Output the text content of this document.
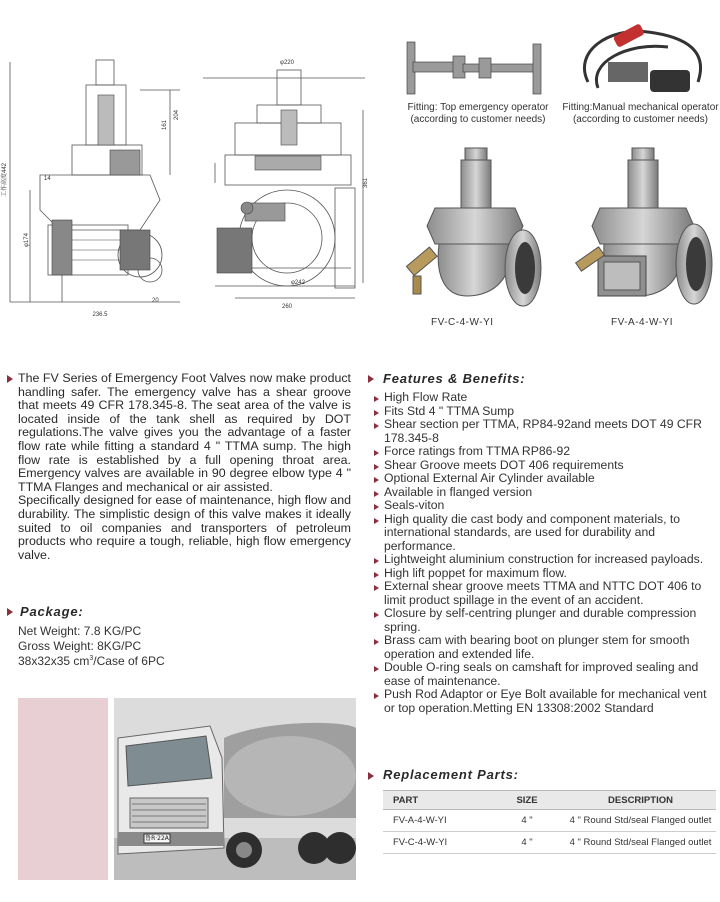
工作高度442	14
φ174
161
204
236.5
20
φ220
361
φ242
260
Fitting: Top emergency operator
(according to customer needs)
Fitting:Manual mechanical operator
(according to customer needs)
FV-C-4-W-YI	FV-A-4-W-YI

The FV Series of Emergency Foot Valves now make product handling safer. The emergency valve has a shear groove that meets 49 CFR 178.345-8. The seat area of the valve is located inside of the tank shell as required by DOT regulations.The valve gives you the advantage of a faster flow rate while fitting a standard 4 " TTMA sump. The high flow rate is established by a full opening throat area. Emergency valves are available in 90 degree elbow type 4 " TTMA Flanges and mechanical or air assisted.

Specifically designed for ease of maintenance, high flow and durability. The simplistic design of this valve makes it ideally suited to oil companies and transporters of petroleum products who require a tough, reliable, high flow emergency valve.

Package:
Net Weight: 7.8 KG/PC
Gross Weight: 8KG/PC
38x32x35 $cm^3$/Case of 6PC
鲁R·22A
Features & Benefits:
High Flow Rate
Fits Std 4 " TTMA Sump
Shear section per TTMA, RP84-92and meets DOT 49 CFR 178.345-8
Force ratings from TTMA RP86-92
Shear Groove meets DOT 406 requirements
Optional External Air Cylinder available
Available in flanged version
Seals-viton
High quality die cast body and component materials, to international standards, are used for durability and performance.
Lightweight aluminium construction for increased payloads.
High lift poppet for maximum flow.
External shear groove meets TTMA and NTTC DOT 406 to limit product spillage in the event of an accident.
Closure by self-centring plunger and durable compression spring.
Brass cam with bearing boot on plunger stem for smooth operation and extended life.
Double O-ring seals on camshaft for improved sealing and ease of maintenance.
Push Rod Adaptor or Eye Bolt available for mechanical vent or top operation.Metting EN 13308:2002 Standard
Replacement Parts:
PART	SIZE	DESCRIPTION
FV-A-4-W-YI	4 "	4 " Round Std/seal Flanged outlet
FV-C-4-W-YI	4 "	4 " Round Std/seal Flanged outlet
